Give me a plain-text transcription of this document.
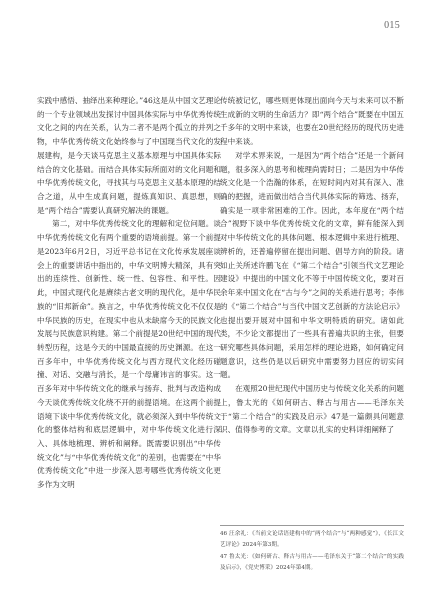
015

实践中感悟、抽绎出来种理论。”46这是从中国文艺理论的一个专业领域出发探讨中国具体实际与中华优秀传统文化之间的内在关系，认为二者不是两个孤立的并列之物，中华优秀传统文化始终参与了中国现当代文化的发展建构，是今天谈马克思主义基本原理与中国具体实际结合的文化基础。而结合具体实际所面对的文化问题和中华优秀传统文化，寻找其与马克思主义基本原理的结合之道，从中生成真问题，提炼真知识、真思想，则是“两个结合”需要认真研究解决的课题。

第二，对中华优秀传统文化的理解和定位问题。谈中华优秀传统文化有两个重要的语境前提。第一个前提是2023年6月2日，习近平总书记在文化传承发展座谈会上的重要讲话中指出的，中华文明博大精深，具有突出的连续性、创新性、统一性、包容性、和平性。因此，中国式现代化是赓续古老文明的现代化，是中华民族的“旧邦新命”。换言之，中华优秀传统文化不仅仅是中华民族的历史，在现实中也从未缺席今天的民族文化发展与民族意识构建。第二个前提是20世纪中国的现代转型历程，这是今天的中国最直接的历史渊源。在这一百多年中，中华优秀传统文化与西方现代文化经历碰撞、对话、交融与消长，是一个母庸讳言的事实。这一百多年对中华传统文化的继承与扬弃、批判与改造构成今天谈优秀传统文化绕不开的前提语境。在这两个前提语境下谈中华优秀传统文化，就必须深入到中华传统文化的整体结构和底层逻辑中，对中华传统文化进行深入、具体地梳理、辨析和阐释。既需要识别出“中华传统文化”与“中华优秀传统文化”的差别，也需要在“中华优秀传统文化”中进一步深入思考哪些优秀传统文化更多作为文明

传统被记忆，哪些则更体现出面向今天与未来可以不断生成新的文明的生命活力？即“两个结合”既要在中国五千多年的文明中来谈，也要在20世纪经历的现代历史进程中来谈。

对学术界来说，一是因为“两个结合”还是一个新问题，很多深入的思考和梳理尚需时日；二是因为中华传统文化是一个浩瀚的体系，在短时间内对其有深入、准确的把握，进而做出结合当代具体实际的筛选、扬弃，确实是一项非常困难的工作。因此，本年度在“两个结合”视野下谈中华优秀传统文化的文章，鲜有能深入到对中华传统文化的具体问题、根本逻辑中来进行梳理、辨析的，还普遍停留在提出问题、倡导方向的阶段。诸如止关所述许鹏飞在《“第二个结合”引领当代文艺理论建设》中提出的中国文化不等于中国传统文化，要对百余年来中国文化在“古与今”之间的关系进行思考；李伟的《“第二个结合”与当代中国文艺创新的方法论启示》也提出要开展对中国和中华文明特质的研究。诸如此类，不少论文都提出了一些具有普遍共识的主张，但要研究哪些具体问题，采用怎样的理论进路，如何确定问题意识，这些仍是以后研究中需要努力回应的切实问题。

在观照20世纪现代中国历史与传统文化关系的问题上，鲁太光的《如何研古、释古与用古——毛泽东关于“第二个结合”的实践及启示》47是一篇颇具问题意识、值得参考的文章。文章以扎实的史料详细阐释了

46 汪余礼：《当前文论话语建构中的“两个结合”与“两种感觉”》，《长江文艺评论》2024年第3期。
47 鲁太光：《如何研古、释古与用古——毛泽东关于“第二个结合”的实践及启示》，《党史博采》2024年第4期。
